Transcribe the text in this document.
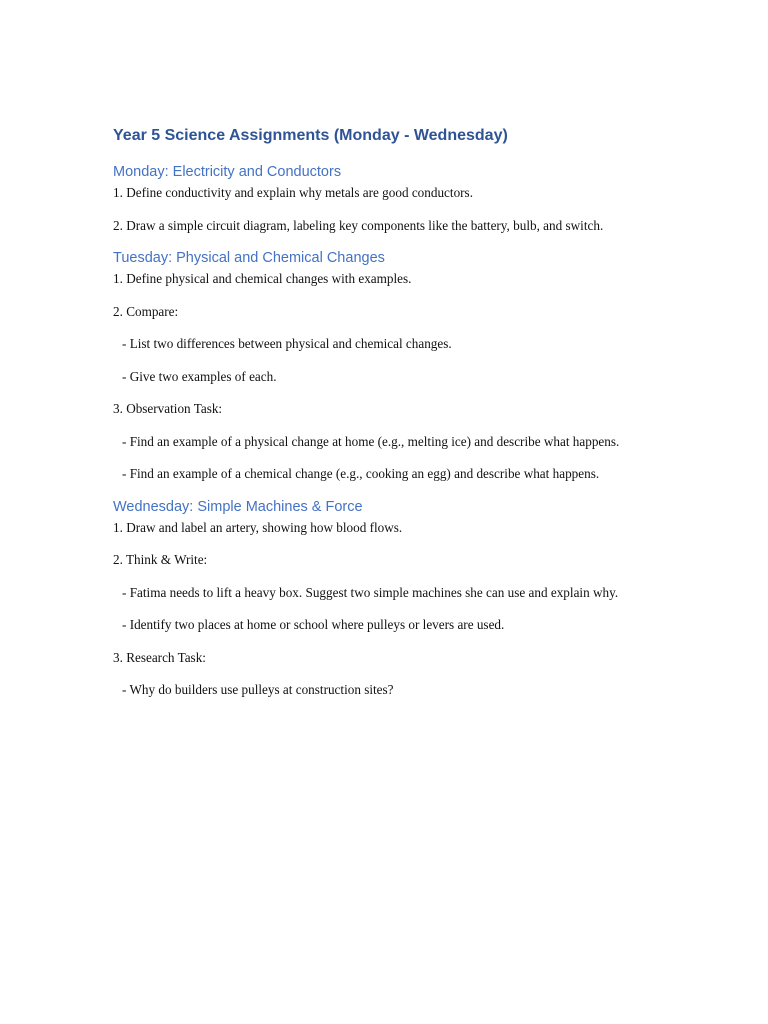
Year 5 Science Assignments (Monday - Wednesday)
Monday: Electricity and Conductors

1. Define conductivity and explain why metals are good conductors.

2. Draw a simple circuit diagram, labeling key components like the battery, bulb, and switch.

Tuesday: Physical and Chemical Changes

1. Define physical and chemical changes with examples.

2. Compare:

- List two differences between physical and chemical changes.

- Give two examples of each.

3. Observation Task:

- Find an example of a physical change at home (e.g., melting ice) and describe what happens.

- Find an example of a chemical change (e.g., cooking an egg) and describe what happens.

Wednesday: Simple Machines & Force

1. Draw and label an artery, showing how blood flows.

2. Think & Write:

- Fatima needs to lift a heavy box. Suggest two simple machines she can use and explain why.

- Identify two places at home or school where pulleys or levers are used.

3. Research Task:

- Why do builders use pulleys at construction sites?
